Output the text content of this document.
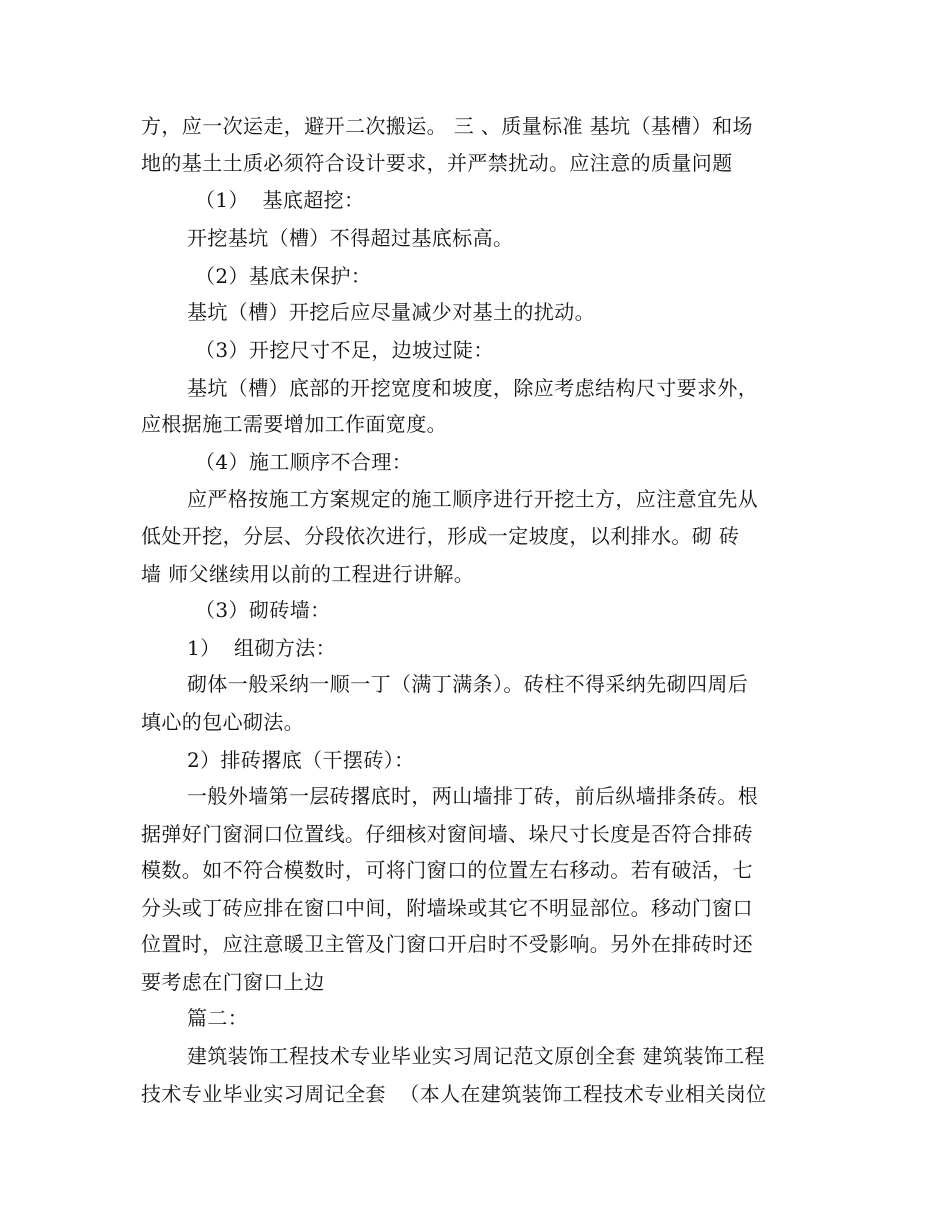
方，应一次运走，避开二次搬运。 三 、质量标准 基坑（基槽）和场
地的基土土质必须符合设计要求，并严禁扰动。应注意的质量问题
（1）  基底超挖：
开挖基坑（槽）不得超过基底标高。
（2）基底未保护：
基坑（槽）开挖后应尽量减少对基土的扰动。
（3）开挖尺寸不足，边坡过陡：
基坑（槽）底部的开挖宽度和坡度，除应考虑结构尺寸要求外，
应根据施工需要增加工作面宽度。
（4）施工顺序不合理：
应严格按施工方案规定的施工顺序进行开挖土方，应注意宜先从
低处开挖，分层、分段依次进行，形成一定坡度，以利排水。砌 砖
墙 师父继续用以前的工程进行讲解。
（3）砌砖墙：
1）  组砌方法：
砌体一般采纳一顺一丁（满丁满条）。砖柱不得采纳先砌四周后
填心的包心砌法。
2）排砖撂底（干摆砖）：
一般外墙第一层砖撂底时，两山墙排丁砖，前后纵墙排条砖。根
据弹好门窗洞口位置线。仔细核对窗间墙、垛尺寸长度是否符合排砖
模数。如不符合模数时，可将门窗口的位置左右移动。若有破活，七
分头或丁砖应排在窗口中间，附墙垛或其它不明显部位。移动门窗口
位置时，应注意暖卫主管及门窗口开启时不受影响。另外在排砖时还
要考虑在门窗口上边
篇二：
建筑装饰工程技术专业毕业实习周记范文原创全套 建筑装饰工程
技术专业毕业实习周记全套  （本人在建筑装饰工程技术专业相关岗位
